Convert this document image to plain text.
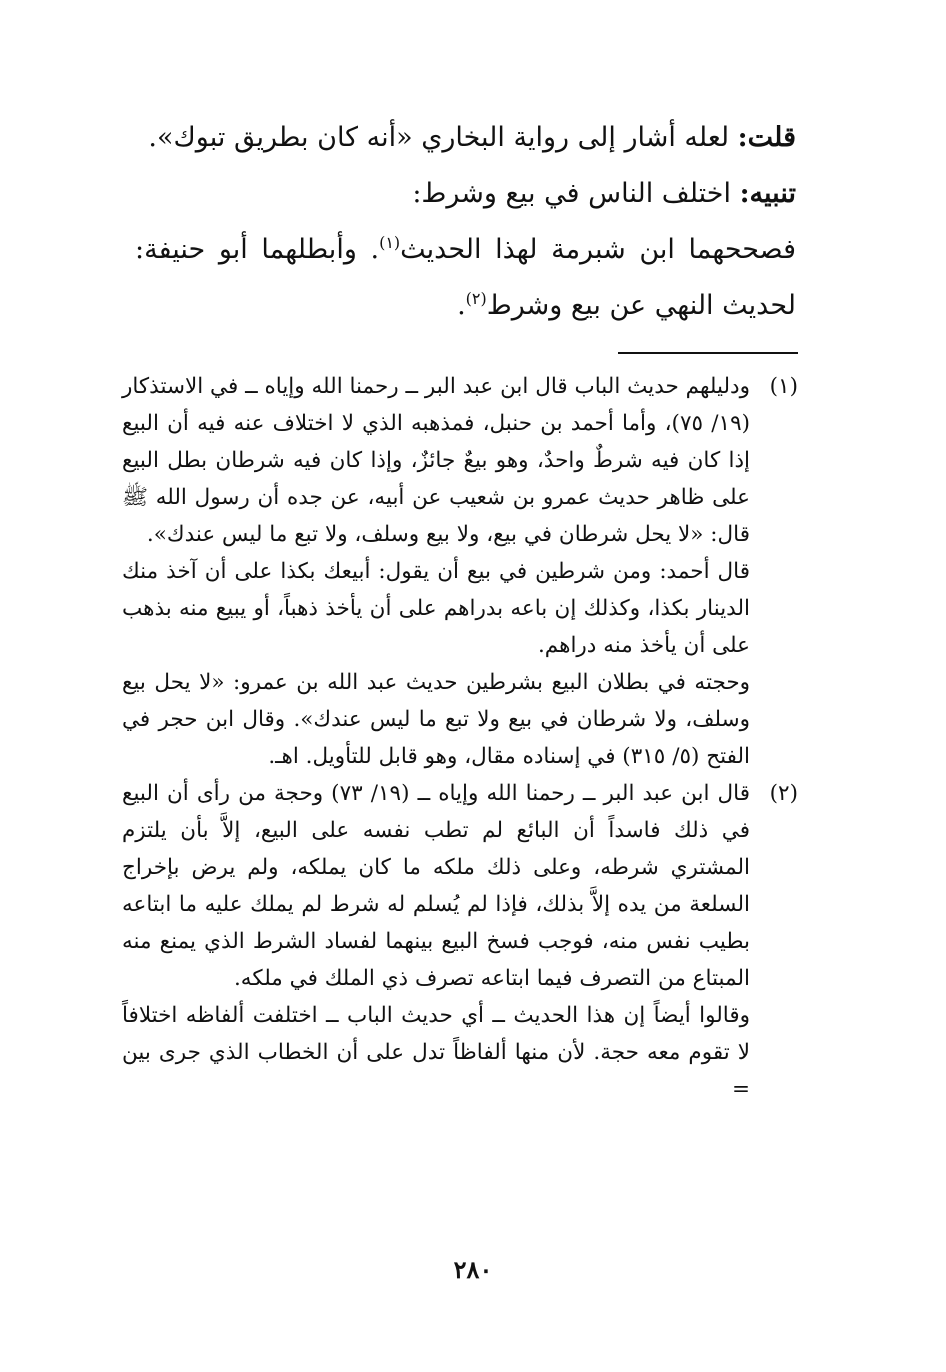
قلت: لعله أشار إلى رواية البخاري «أنه كان بطريق تبوك».

تنبيه: اختلف الناس في بيع وشرط:

فصححهما ابن شبرمة لهذا الحديث$^{(١)}$. وأبطلهما أبو حنيفة: لحديث النهي عن بيع وشرط$^{(٢)}$.

(١)
ودليلهم حديث الباب قال ابن عبد البر ــ رحمنا الله وإياه ــ في الاستذكار (١٩/ ٧٥)، وأما أحمد بن حنبل، فمذهبه الذي لا اختلاف عنه فيه أن البيع إذا كان فيه شرطٌ واحدٌ، وهو بيعٌ جائزٌ، وإذا كان فيه شرطان بطل البيع على ظاهر حديث عمرو بن شعيب عن أبيه، عن جده أن رسول الله ﷺ قال: «لا يحل شرطان في بيع، ولا بيع وسلف، ولا تبع ما ليس عندك».

قال أحمد: ومن شرطين في بيع أن يقول: أبيعك بكذا على أن آخذ منك الدينار بكذا، وكذلك إن باعه بدراهم على أن يأخذ ذهباً، أو يبيع منه بذهب على أن يأخذ منه دراهم.

وحجته في بطلان البيع بشرطين حديث عبد الله بن عمرو: «لا يحل بيع وسلف، ولا شرطان في بيع ولا تبع ما ليس عندك». وقال ابن حجر في الفتح (٥/ ٣١٥) في إسناده مقال، وهو قابل للتأويل. اهـ.

(٢)
قال ابن عبد البر ــ رحمنا الله وإياه ــ (١٩/ ٧٣) وحجة من رأى أن البيع في ذلك فاسداً أن البائع لم تطب نفسه على البيع، إلاَّ بأن يلتزم المشتري شرطه، وعلى ذلك ملكه ما كان يملكه، ولم يرض بإخراج السلعة من يده إلاَّ بذلك، فإذا لم يُسلم له شرط لم يملك عليه ما ابتاعه بطيب نفس منه، فوجب فسخ البيع بينهما لفساد الشرط الذي يمنع منه المبتاع من التصرف فيما ابتاعه تصرف ذي الملك في ملكه.

وقالوا أيضاً إن هذا الحديث ــ أي حديث الباب ــ اختلفت ألفاظه اختلافاً لا تقوم معه حجة. لأن منها ألفاظاً تدل على أن الخطاب الذي جرى بين =

٢٨٠
